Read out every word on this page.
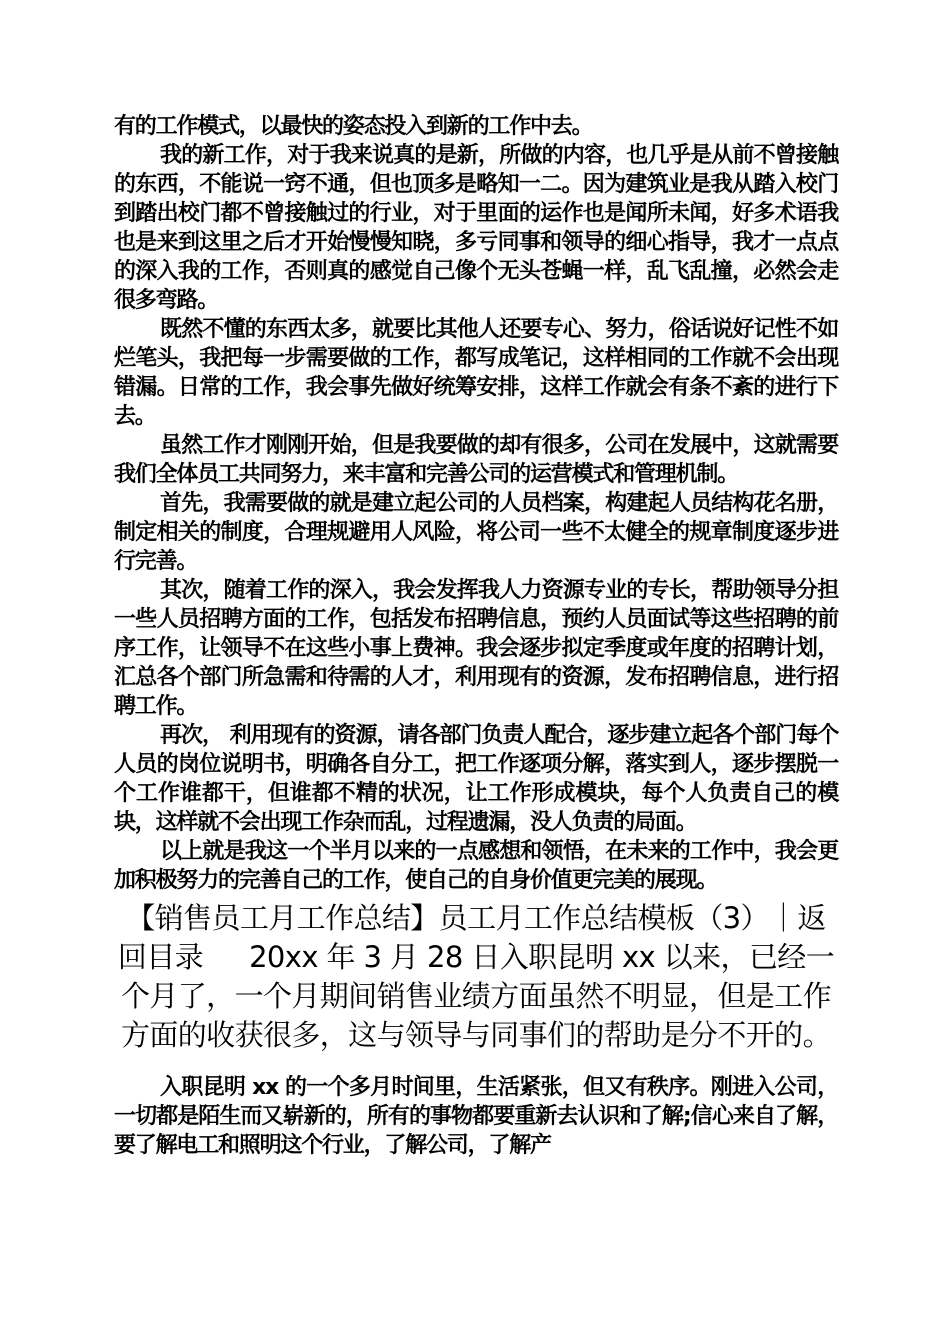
有的工作模式，以最快的姿态投入到新的工作中去。

我的新工作，对于我来说真的是新，所做的内容，也几乎是从前不曾接触的东西，不能说一窍不通，但也顶多是略知一二。因为建筑业是我从踏入校门到踏出校门都不曾接触过的行业，对于里面的运作也是闻所未闻，好多术语我也是来到这里之后才开始慢慢知晓，多亏同事和领导的细心指导，我才一点点的深入我的工作，否则真的感觉自己像个无头苍蝇一样，乱飞乱撞，必然会走很多弯路。

既然不懂的东西太多，就要比其他人还要专心、努力，俗话说好记性不如烂笔头，我把每一步需要做的工作，都写成笔记，这样相同的工作就不会出现错漏。日常的工作，我会事先做好统筹安排，这样工作就会有条不紊的进行下去。

虽然工作才刚刚开始，但是我要做的却有很多，公司在发展中，这就需要我们全体员工共同努力，来丰富和完善公司的运营模式和管理机制。

首先，我需要做的就是建立起公司的人员档案，构建起人员结构花名册，制定相关的制度，合理规避用人风险，将公司一些不太健全的规章制度逐步进行完善。

其次，随着工作的深入，我会发挥我人力资源专业的专长，帮助领导分担一些人员招聘方面的工作，包括发布招聘信息，预约人员面试等这些招聘的前序工作，让领导不在这些小事上费神。我会逐步拟定季度或年度的招聘计划，汇总各个部门所急需和待需的人才，利用现有的资源，发布招聘信息，进行招聘工作。

再次， 利用现有的资源，请各部门负责人配合，逐步建立起各个部门每个人员的岗位说明书，明确各自分工，把工作逐项分解，落实到人，逐步摆脱一个工作谁都干，但谁都不精的状况，让工作形成模块，每个人负责自己的模块，这样就不会出现工作杂而乱，过程遗漏，没人负责的局面。

以上就是我这一个半月以来的一点感想和领悟，在未来的工作中，我会更加积极努力的完善自己的工作，使自己的自身价值更完美的展现。

【销售员工月工作总结】员工月工作总结模板（3）｜返回目录 20xx 年 3 月 28 日入职昆明 xx 以来，已经一个月了，一个月期间销售业绩方面虽然不明显，但是工作方面的收获很多，这与领导与同事们的帮助是分不开的。

入职昆明 xx 的一个多月时间里，生活紧张，但又有秩序。刚进入公司，一切都是陌生而又崭新的，所有的事物都要重新去认识和了解;信心来自了解，要了解电工和照明这个行业，了解公司，了解产
